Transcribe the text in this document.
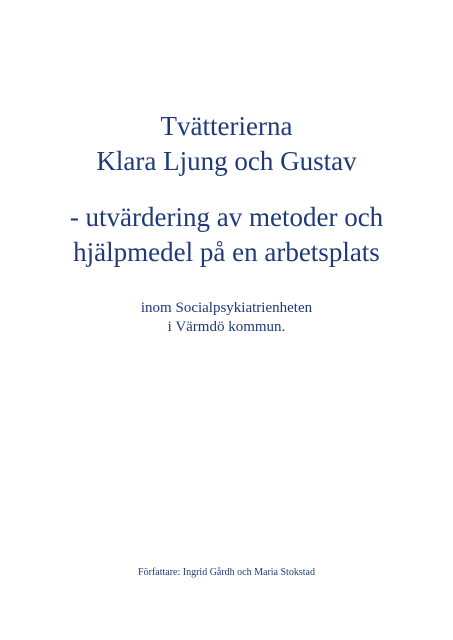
Tvätterierna
Klara Ljung och Gustav
- utvärdering av metoder och
hjälpmedel på en arbetsplats
inom Socialpsykiatrienheten
i Värmdö kommun.
Författare: Ingrid Gårdh och Maria Stokstad
